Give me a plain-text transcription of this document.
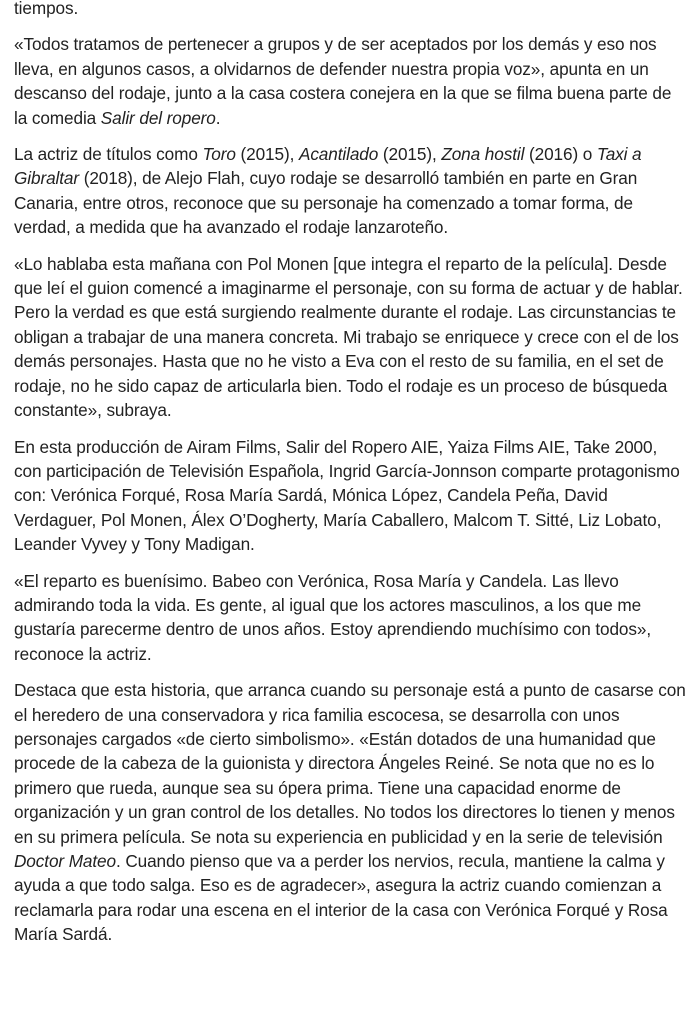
tiempos.

«Todos tratamos de pertenecer a grupos y de ser aceptados por los demás y eso nos lleva, en algunos casos, a olvidarnos de defender nuestra propia voz», apunta en un descanso del rodaje, junto a la casa costera conejera en la que se filma buena parte de la comedia Salir del ropero.

La actriz de títulos como Toro (2015), Acantilado (2015), Zona hostil (2016) o Taxi a Gibraltar (2018), de Alejo Flah, cuyo rodaje se desarrolló también en parte en Gran Canaria, entre otros, reconoce que su personaje ha comenzado a tomar forma, de verdad, a medida que ha avanzado el rodaje lanzaroteño.

«Lo hablaba esta mañana con Pol Monen [que integra el reparto de la película]. Desde que leí el guion comencé a imaginarme el personaje, con su forma de actuar y de hablar. Pero la verdad es que está surgiendo realmente durante el rodaje. Las circunstancias te obligan a trabajar de una manera concreta. Mi trabajo se enriquece y crece con el de los demás personajes. Hasta que no he visto a Eva con el resto de su familia, en el set de rodaje, no he sido capaz de articularla bien. Todo el rodaje es un proceso de búsqueda constante», subraya.

En esta producción de Airam Films, Salir del Ropero AIE, Yaiza Films AIE, Take 2000, con participación de Televisión Española, Ingrid García-Jonnson comparte protagonismo con: Verónica Forqué, Rosa María Sardá, Mónica López, Candela Peña, David Verdaguer, Pol Monen, Álex O’Dogherty, María Caballero, Malcom T. Sitté, Liz Lobato, Leander Vyvey y Tony Madigan.

«El reparto es buenísimo. Babeo con Verónica, Rosa María y Candela. Las llevo admirando toda la vida. Es gente, al igual que los actores masculinos, a los que me gustaría parecerme dentro de unos años. Estoy aprendiendo muchísimo con todos», reconoce la actriz.

Destaca que esta historia, que arranca cuando su personaje está a punto de casarse con el heredero de una conservadora y rica familia escocesa, se desarrolla con unos personajes cargados «de cierto simbolismo». «Están dotados de una humanidad que procede de la cabeza de la guionista y directora Ángeles Reiné. Se nota que no es lo primero que rueda, aunque sea su ópera prima. Tiene una capacidad enorme de organización y un gran control de los detalles. No todos los directores lo tienen y menos en su primera película. Se nota su experiencia en publicidad y en la serie de televisión Doctor Mateo. Cuando pienso que va a perder los nervios, recula, mantiene la calma y ayuda a que todo salga. Eso es de agradecer», asegura la actriz cuando comienzan a reclamarla para rodar una escena en el interior de la casa con Verónica Forqué y Rosa María Sardá.
